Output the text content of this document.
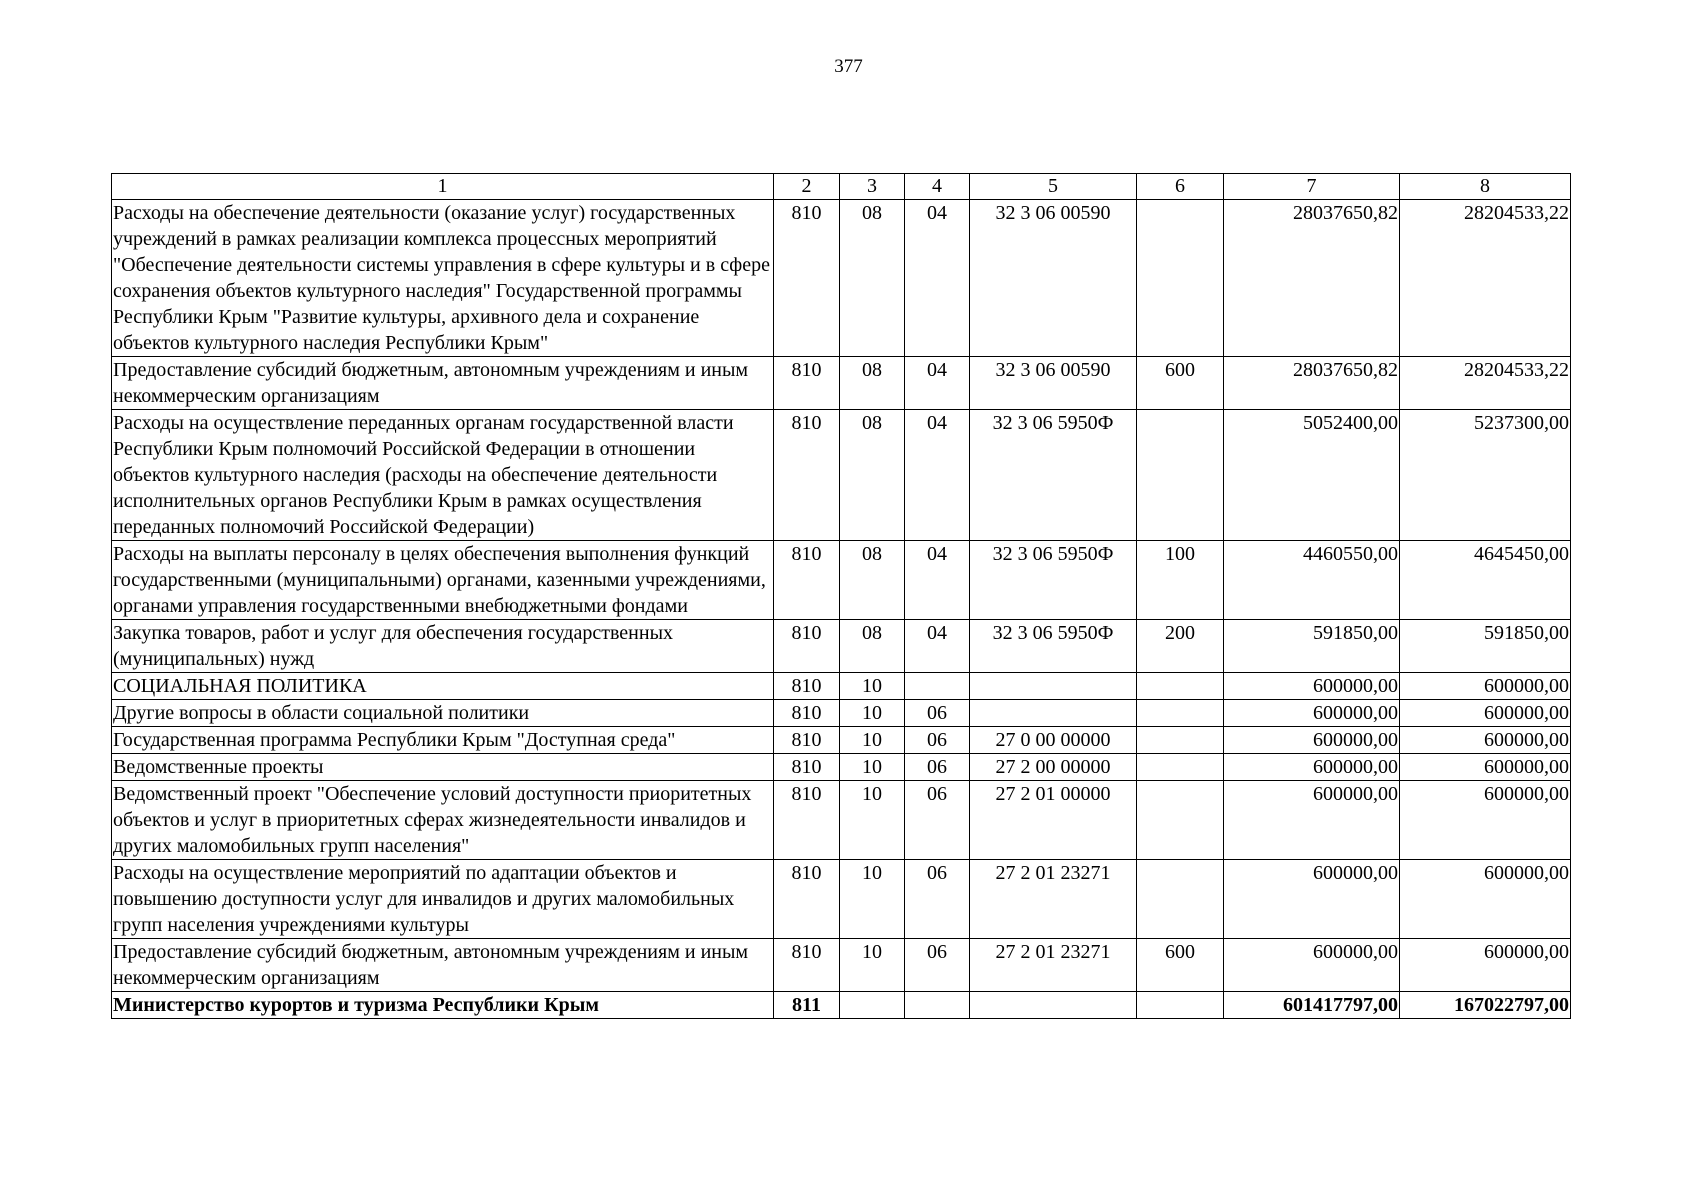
377
1	2	3	4	5	6	7	8
Расходы на обеспечение деятельности (оказание услуг) государственных учреждений в рамках реализации комплекса процессных мероприятий "Обеспечение деятельности системы управления в сфере культуры и в сфере сохранения объектов культурного наследия" Государственной программы Республики Крым "Развитие культуры, архивного дела и сохранение объектов культурного наследия Республики Крым"	810	08	04	32 3 06 00590		28037650,82	28204533,22
Предоставление субсидий бюджетным, автономным учреждениям и иным некоммерческим организациям	810	08	04	32 3 06 00590	600	28037650,82	28204533,22
Расходы на осуществление переданных органам государственной власти Республики Крым полномочий Российской Федерации в отношении объектов культурного наследия (расходы на обеспечение деятельности исполнительных органов Республики Крым в рамках осуществления переданных полномочий Российской Федерации)	810	08	04	32 3 06 5950Ф		5052400,00	5237300,00
Расходы на выплаты персоналу в целях обеспечения выполнения функций государственными (муниципальными) органами, казенными учреждениями, органами управления государственными внебюджетными фондами	810	08	04	32 3 06 5950Ф	100	4460550,00	4645450,00
Закупка товаров, работ и услуг для обеспечения государственных (муниципальных) нужд	810	08	04	32 3 06 5950Ф	200	591850,00	591850,00
СОЦИАЛЬНАЯ ПОЛИТИКА	810	10				600000,00	600000,00
Другие вопросы в области социальной политики	810	10	06			600000,00	600000,00
Государственная программа Республики Крым "Доступная среда"	810	10	06	27 0 00 00000		600000,00	600000,00
Ведомственные проекты	810	10	06	27 2 00 00000		600000,00	600000,00
Ведомственный проект "Обеспечение условий доступности приоритетных объектов и услуг в приоритетных сферах жизнедеятельности инвалидов и других маломобильных групп населения"	810	10	06	27 2 01 00000		600000,00	600000,00
Расходы на осуществление мероприятий по адаптации объектов и повышению доступности услуг для инвалидов и других маломобильных групп населения учреждениями культуры	810	10	06	27 2 01 23271		600000,00	600000,00
Предоставление субсидий бюджетным, автономным учреждениям и иным некоммерческим организациям	810	10	06	27 2 01 23271	600	600000,00	600000,00
Министерство курортов и туризма Республики Крым	811					601417797,00	167022797,00
